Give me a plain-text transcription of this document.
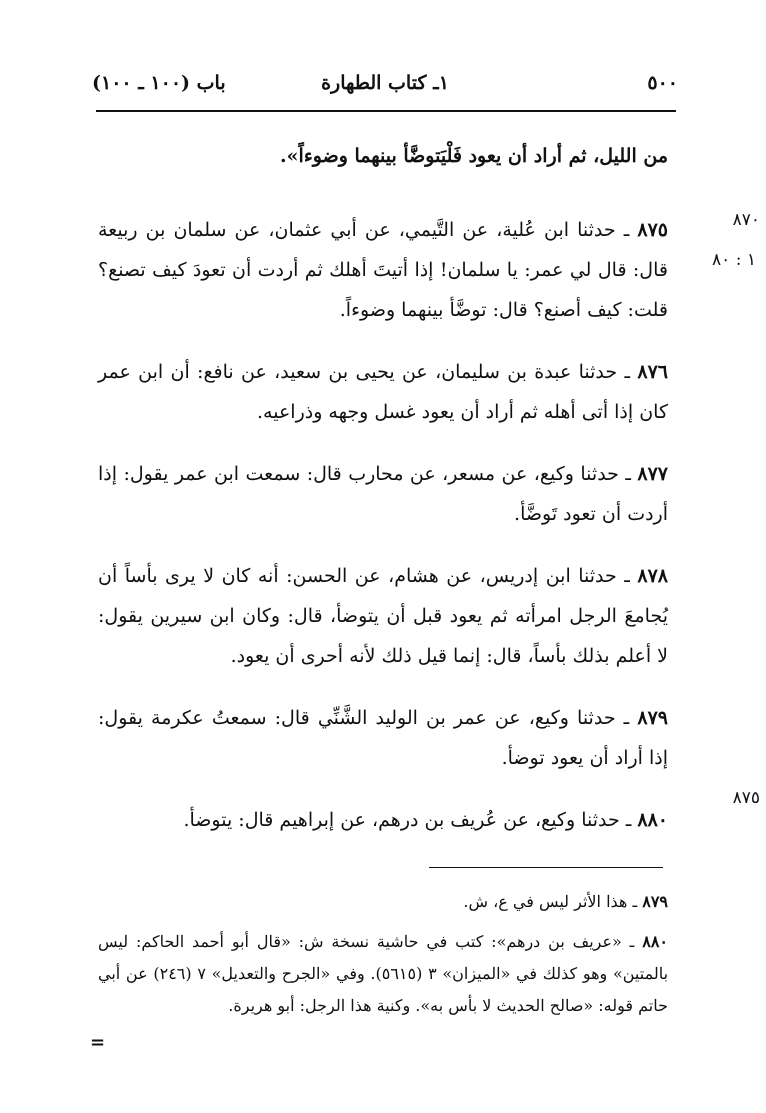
٥٠٠
١ـ كتاب الطهارة
باب (١٠٠ ـ ١٠٠)
٨٧٠
١ : ٨٠
٨٧٥

من الليل، ثم أراد أن يعود فَلْيَتوضَّأ بينهما وضوءاً».

٨٧٥ ـ حدثنا ابن عُلية، عن التَّيمي، عن أبي عثمان، عن سلمان بن ربيعة قال: قال لي عمر: يا سلمان! إذا أتيتَ أهلك ثم أردت أن تعودَ كيف تصنع؟ قلت: كيف أصنع؟ قال: توضَّأ بينهما وضوءاً.

٨٧٦ ـ حدثنا عبدة بن سليمان، عن يحيى بن سعيد، عن نافع: أن ابن عمر كان إذا أتى أهله ثم أراد أن يعود غسل وجهه وذراعيه.

٨٧٧ ـ حدثنا وكيع، عن مسعر، عن محارب قال: سمعت ابن عمر يقول: إذا أردت أن تعود تَوضَّأ.

٨٧٨ ـ حدثنا ابن إدريس، عن هشام، عن الحسن: أنه كان لا يرى بأساً أن يُجامعَ الرجل امرأته ثم يعود قبل أن يتوضأ، قال: وكان ابن سيرين يقول: لا أعلم بذلك بأساً، قال: إنما قيل ذلك لأنه أحرى أن يعود.

٨٧٩ ـ حدثنا وكيع، عن عمر بن الوليد الشَّنِّي قال: سمعتُ عكرمة يقول: إذا أراد أن يعود توضأ.

٨٨٠ ـ حدثنا وكيع، عن عُريف بن درهم، عن إبراهيم قال: يتوضأ.

٨٧٩ ـ هذا الأثر ليس في ع، ش.

٨٨٠ ـ «عريف بن درهم»: كتب في حاشية نسخة ش: «قال أبو أحمد الحاكم: ليس بالمتين» وهو كذلك في «الميزان» ٣ (٥٦١٥). وفي «الجرح والتعديل» ٧ (٢٤٦) عن أبي حاتم قوله: «صالح الحديث لا بأس به». وكنية هذا الرجل: أبو هريرة.

=
